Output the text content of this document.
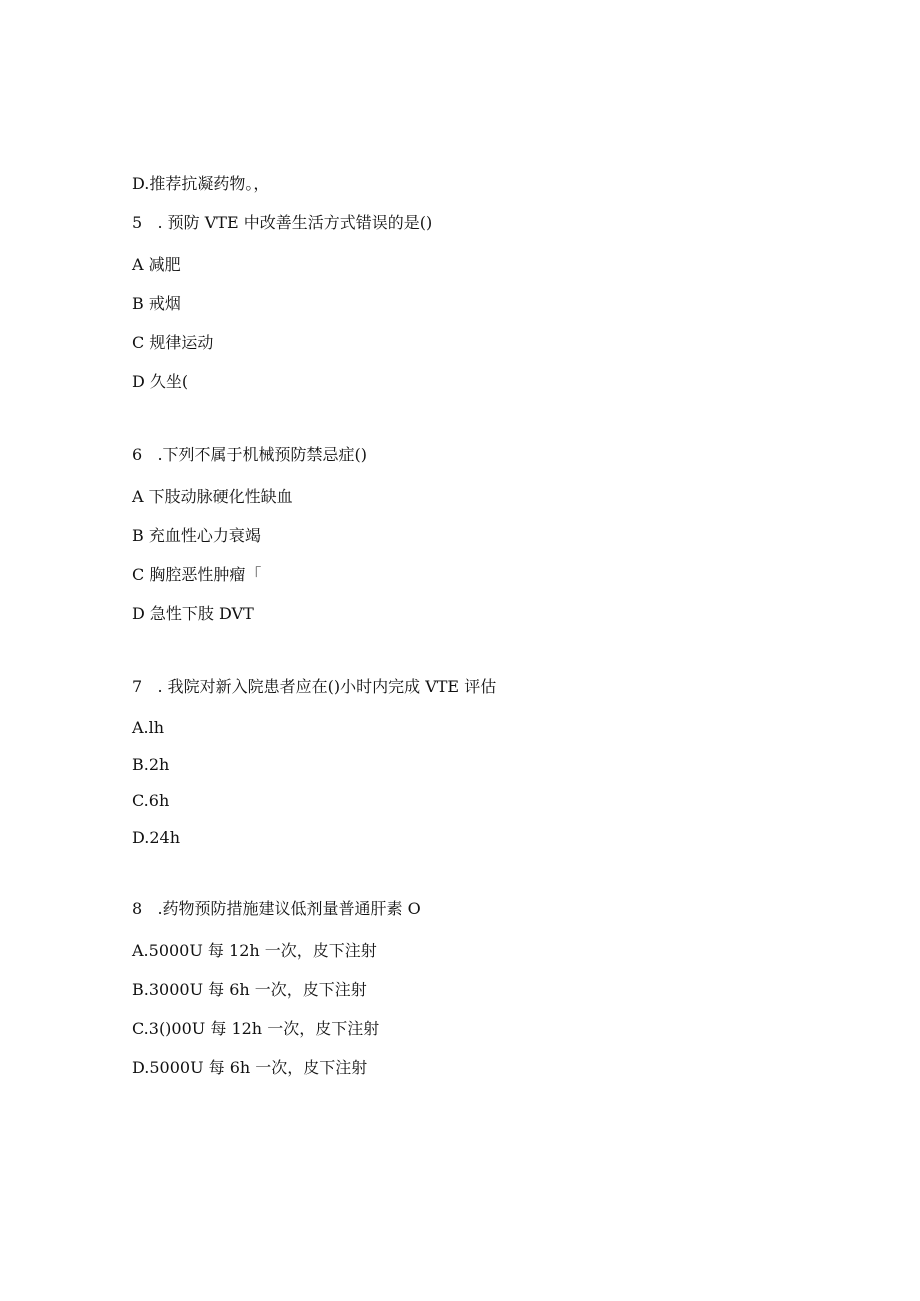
D.推荐抗凝药物。，

5 . 预防 VTE 中改善生活方式错误的是()

A 减肥

B 戒烟

C 规律运动

D 久坐(

6 .下列不属于机械预防禁忌症()

A 下肢动脉硬化性缺血

B 充血性心力衰竭

C 胸腔恶性肿瘤「

D 急性下肢 DVT

7 . 我院对新入院患者应在()小时内完成 VTE 评估

A.lh

B.2h

C.6h

D.24h

8 .药物预防措施建议低剂量普通肝素 O

A.5000U 每 12h 一次，皮下注射

B.3000U 每 6h 一次，皮下注射

C.3()00U 每 12h 一次，皮下注射

D.5000U 每 6h 一次，皮下注射
